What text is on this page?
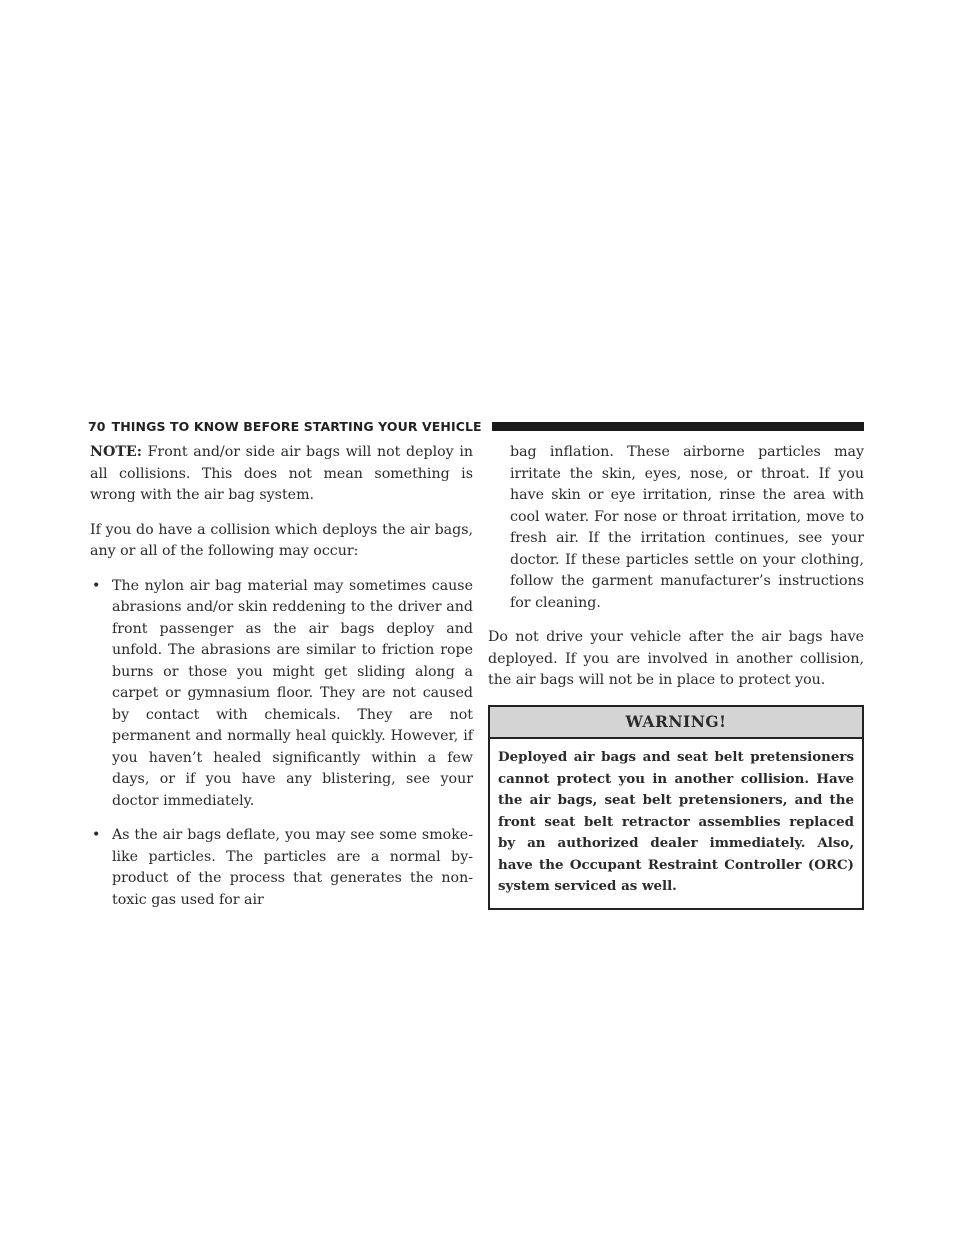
70 THINGS TO KNOW BEFORE STARTING YOUR VEHICLE

NOTE: Front and/or side air bags will not deploy in all collisions. This does not mean something is wrong with the air bag system.

If you do have a collision which deploys the air bags, any or all of the following may occur:

• The nylon air bag material may sometimes cause abrasions and/or skin reddening to the driver and front passenger as the air bags deploy and unfold. The abrasions are similar to friction rope burns or those you might get sliding along a carpet or gymnasium floor. They are not caused by contact with chemicals. They are not permanent and normally heal quickly. However, if you haven’t healed significantly within a few days, or if you have any blistering, see your doctor immediately.
• As the air bags deflate, you may see some smoke-like particles. The particles are a normal by-product of the process that generates the non-toxic gas used for air
bag inflation. These airborne particles may irritate the skin, eyes, nose, or throat. If you have skin or eye irritation, rinse the area with cool water. For nose or throat irritation, move to fresh air. If the irritation continues, see your doctor. If these particles settle on your clothing, follow the garment manufacturer’s instructions for cleaning.

Do not drive your vehicle after the air bags have deployed. If you are involved in another collision, the air bags will not be in place to protect you.

WARNING!
Deployed air bags and seat belt pretensioners cannot protect you in another collision. Have the air bags, seat belt pretensioners, and the front seat belt retractor assemblies replaced by an authorized dealer immediately. Also, have the Occupant Restraint Controller (ORC) system serviced as well.
